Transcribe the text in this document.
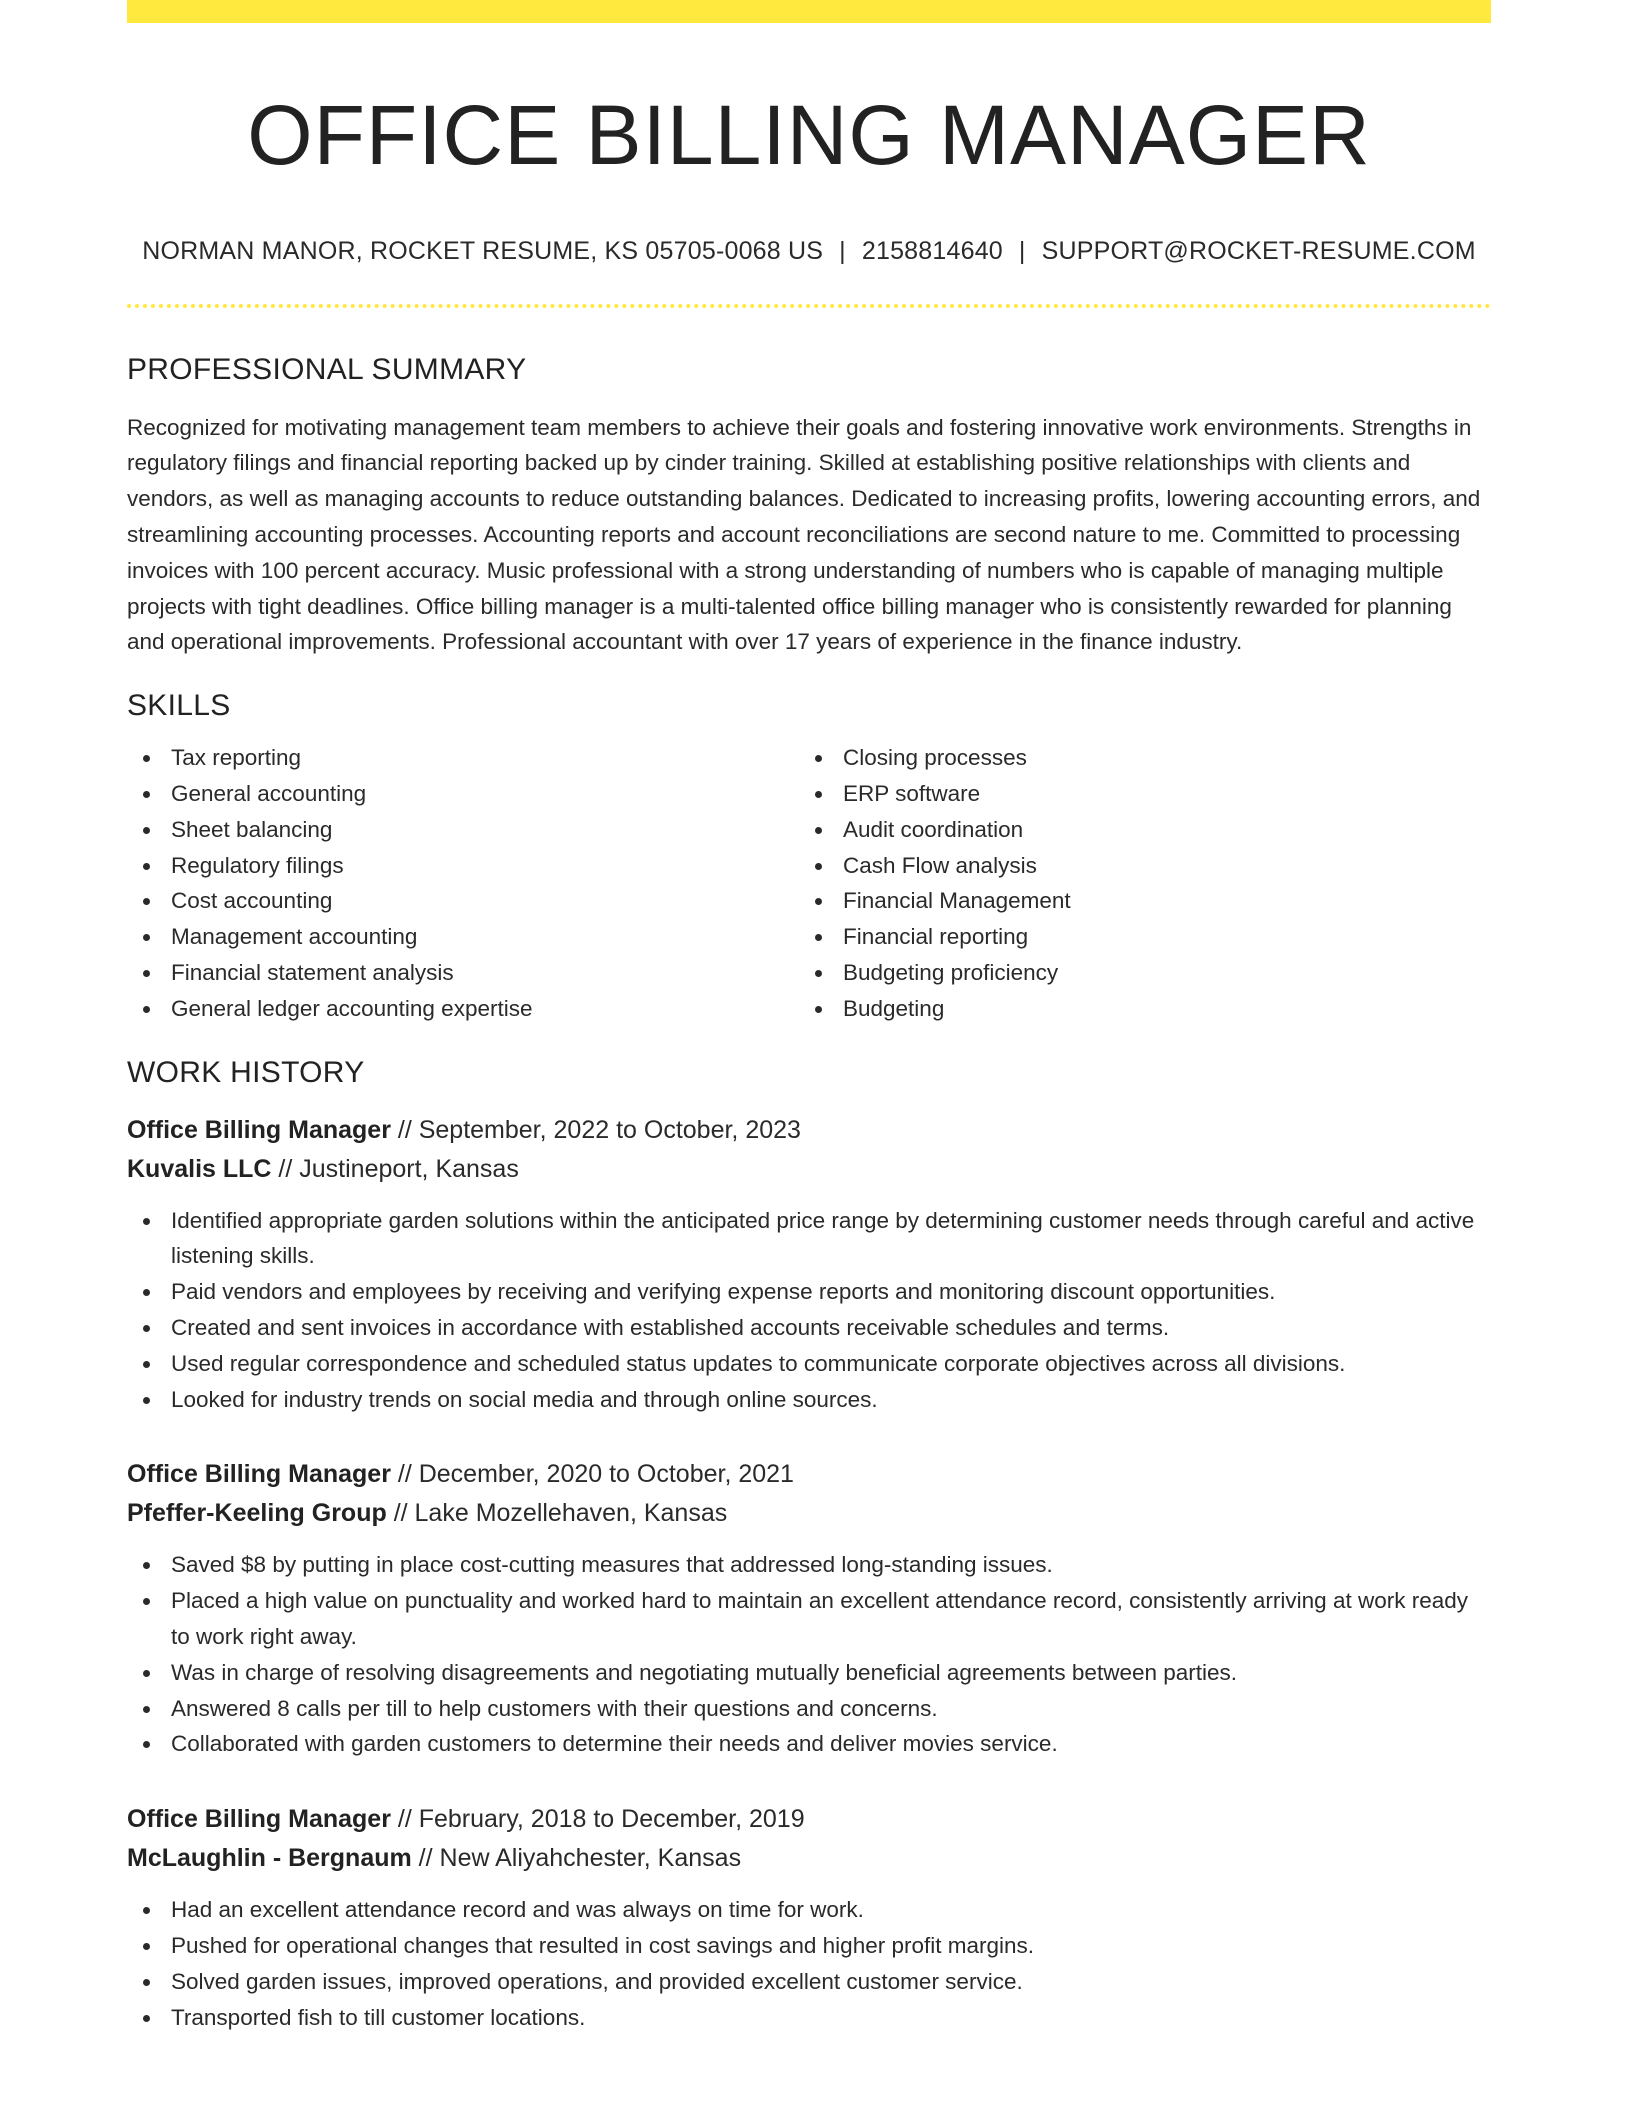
OFFICE BILLING MANAGER
NORMAN MANOR, ROCKET RESUME, KS 05705-0068 US | 2158814640 | SUPPORT@ROCKET-RESUME.COM
PROFESSIONAL SUMMARY

Recognized for motivating management team members to achieve their goals and fostering innovative work environments. Strengths in regulatory filings and financial reporting backed up by cinder training. Skilled at establishing positive relationships with clients and vendors, as well as managing accounts to reduce outstanding balances. Dedicated to increasing profits, lowering accounting errors, and streamlining accounting processes. Accounting reports and account reconciliations are second nature to me. Committed to processing invoices with 100 percent accuracy. Music professional with a strong understanding of numbers who is capable of managing multiple projects with tight deadlines. Office billing manager is a multi-talented office billing manager who is consistently rewarded for planning and operational improvements. Professional accountant with over 17 years of experience in the finance industry.

SKILLS
Tax reporting
General accounting
Sheet balancing
Regulatory filings
Cost accounting
Management accounting
Financial statement analysis
General ledger accounting expertise
Closing processes
ERP software
Audit coordination
Cash Flow analysis
Financial Management
Financial reporting
Budgeting proficiency
Budgeting
WORK HISTORY
Office Billing Manager // September, 2022 to October, 2023
Kuvalis LLC // Justineport, Kansas
Identified appropriate garden solutions within the anticipated price range by determining customer needs through careful and active listening skills.
Paid vendors and employees by receiving and verifying expense reports and monitoring discount opportunities.
Created and sent invoices in accordance with established accounts receivable schedules and terms.
Used regular correspondence and scheduled status updates to communicate corporate objectives across all divisions.
Looked for industry trends on social media and through online sources.
Office Billing Manager // December, 2020 to October, 2021
Pfeffer-Keeling Group // Lake Mozellehaven, Kansas
Saved $8 by putting in place cost-cutting measures that addressed long-standing issues.
Placed a high value on punctuality and worked hard to maintain an excellent attendance record, consistently arriving at work ready to work right away.
Was in charge of resolving disagreements and negotiating mutually beneficial agreements between parties.
Answered 8 calls per till to help customers with their questions and concerns.
Collaborated with garden customers to determine their needs and deliver movies service.
Office Billing Manager // February, 2018 to December, 2019
McLaughlin - Bergnaum // New Aliyahchester, Kansas
Had an excellent attendance record and was always on time for work.
Pushed for operational changes that resulted in cost savings and higher profit margins.
Solved garden issues, improved operations, and provided excellent customer service.
Transported fish to till customer locations.
